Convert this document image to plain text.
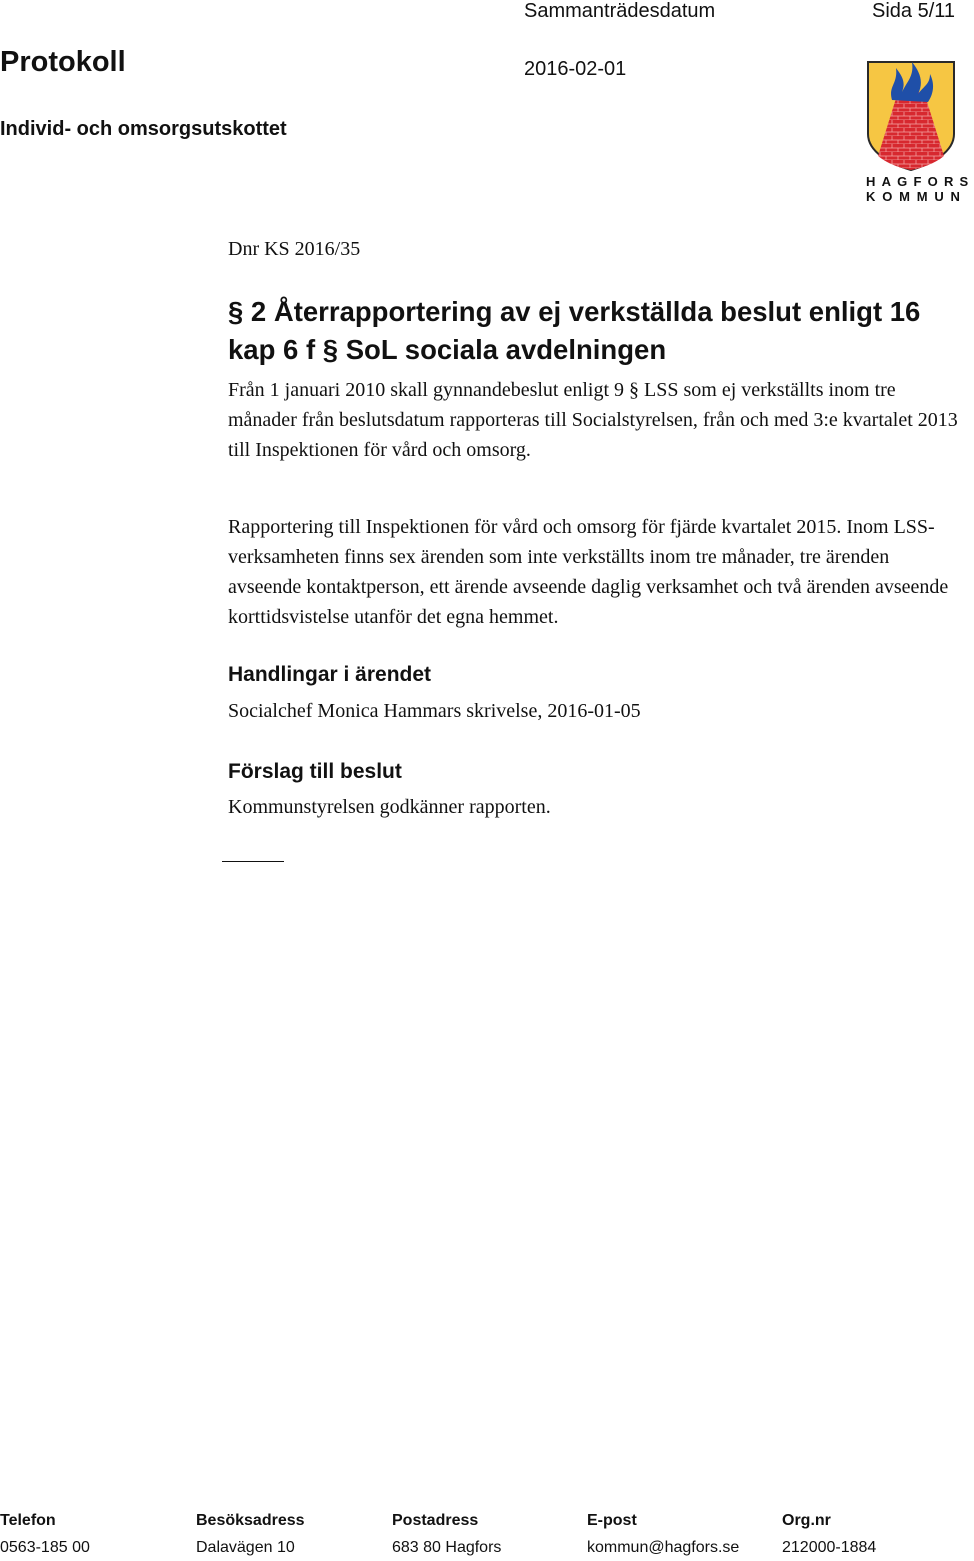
Sammanträdesdatum	Sida 5/11
Protokoll	2016-02-01
Individ- och omsorgsutskottet
HAGFORS
KOMMUN
Dnr KS 2016/35
§ 2 Återrapportering av ej verkställda beslut enligt 16
kap 6 f § SoL sociala avdelningen
Från 1 januari 2010 skall gynnandebeslut enligt 9 § LSS som ej verkställts inom tre månader från beslutsdatum rapporteras till Socialstyrelsen, från och med 3:e kvartalet 2013 till Inspektionen för vård och omsorg.
Rapportering till Inspektionen för vård och omsorg för fjärde kvartalet 2015. Inom LSS-verksamheten finns sex ärenden som inte verkställts inom tre månader, tre ärenden avseende kontaktperson, ett ärende avseende daglig verksamhet och två ärenden avseende korttidsvistelse utanför det egna hemmet.
Handlingar i ärendet
Socialchef Monica Hammars skrivelse, 2016-01-05
Förslag till beslut
Kommunstyrelsen godkänner rapporten.
Telefon	Besöksadress	Postadress	E-post	Org.nr
0563-185 00	Dalavägen 10	683 80 Hagfors	kommun@hagfors.se	212000-1884
